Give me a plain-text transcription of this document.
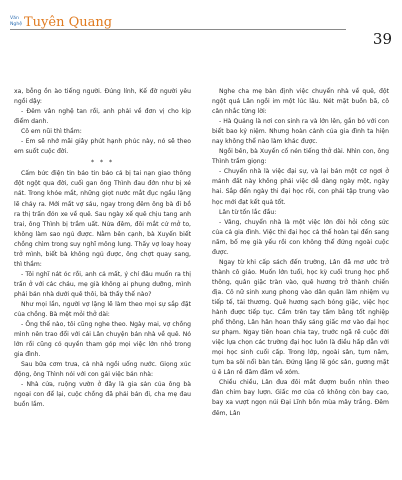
Văn Nghệ Tuyên Quang
39

xa, bỗng ồn ào tiếng người. Đúng lính, Kế đờ người yêu ngồi dậy:

- Đêm vân nghệ tan rồi, anh phải về đơn vị cho kịp điểm danh.

Cô em nũi thì thầm:

- Em sẽ nhớ mãi giây phút hạnh phúc này, nó sẽ theo em suốt cuộc đời.

* * *

Cấm bức điện tin báo tin báo cả bị tai nạn giao thông đột ngột qua đời, cuối gan ông Thình đau đớn như bị xé nát. Trong khóe mắt, những giọt nước mắt đục ngầu lặng lẽ chảy ra. Mới mất vợ sáu, ngay trong đêm ông bà đi bồ ra thị trấn đón xe về quê. Sau ngày xế quê chịu tang anh trai, ông Thình bị trầm uất. Nửa đêm, đôi mắt cứ mở to, không làm sao ngủ được. Nằm bên cạnh, bà Xuyến biết chồng chìm trong suy nghĩ mông lung. Thấy vợ loay hoay trở mình, biết bà không ngủ được, ông chợt quay sang, thì thầm:

- Tôi nghĩ nát óc rồi, anh cả mất, ý chí đâu muốn ra thị trấn ở với các cháu, mẹ già không ai phụng dưỡng, mình phải bán nhà dưới quê thôi, bà thấy thế nào?

Như mọi lần, người vợ lặng lẽ làm theo mọi sự sắp đặt của chồng. Bà mệt mỏi thở dài:

- Ông thế nào, tôi cũng nghe theo. Ngày mai, vợ chồng mình nên trao đổi với cái Lân chuyện bán nhà về quê. Nó lớn rồi cũng có quyền tham góp mọi việc lớn nhỏ trong gia đình.

Sau bữa cơm trưa, cả nhà ngồi uống nước. Giọng xúc động, ông Thình nói với con gái việc bán nhà:

- Nhà cửa, ruộng vườn ở đây là gia sản của ông bà ngoại con để lại, cuộc chồng đã phải bán đi, cha mẹ đau buồn lắm.

Nghe cha mẹ bàn định việc chuyển nhà về quê, đột ngột quá Lân ngồi im một lúc lâu. Nét mặt buồn bã, cô cân nhắc từng lời:

- Hà Quảng là nơi con sinh ra và lớn lên, gắn bó với con biết bao kỷ niệm. Nhưng hoàn cảnh của gia đình ta hiện nay không thể nào làm khác được.

Ngồi bên, bà Xuyến cố nén tiếng thở dài. Nhìn con, ông Thình trầm giọng:

- Chuyển nhà là việc đại sự, và lại bán một cơ ngơi ở mảnh đất này không phải việc dễ dàng ngày một, ngày hai. Sắp đến ngày thi đại học rồi, con phải tập trung vào học mới đạt kết quả tốt.

Lân từ tốn lắc đầu:

- Vâng, chuyển nhà là một việc lớn đòi hỏi công sức của cả gia đình. Việc thi đại học cả thế hoàn tại đến sang năm, bố mẹ già yếu rồi con không thể đứng ngoài cuộc được.

Ngay từ khi cấp sách đến trường, Lân đã mơ ước trở thành cô giáo. Muốn lớn tuổi, học kỳ cuối trung học phổ thông, quân giặc tràn vào, quê hương trở thành chiến địa. Cô nữ sinh xung phong vào dân quân làm nhiệm vụ tiếp tế, tải thương. Quê hương sạch bóng giặc, việc học hành được tiếp tục. Cầm trên tay tấm bằng tốt nghiệp phổ thông, Lân hân hoan thấy sáng giấc mơ vào đại học sư phạm. Ngay tiên hoan chia tay, trước ngã rẽ cuộc đời việc lựa chọn các trường đại học luôn là điều hấp dẫn với mọi học sinh cuối cấp. Trong lớp, ngoài sân, tụm năm, tụm ba sôi nổi bàn tán. Đứng lặng lẽ góc sân, gương mặt ủ ê Lân rề đăm đăm về xóm.

Chiều chiều, Lân đưa đôi mắt đượm buồn nhìn theo đàn chim bay lượn. Giấc mơ của cô không còn bay cao, bay xa vượt ngọn núi Đại Lĩnh bồn mùa mây trắng. Đêm đêm, Lân
